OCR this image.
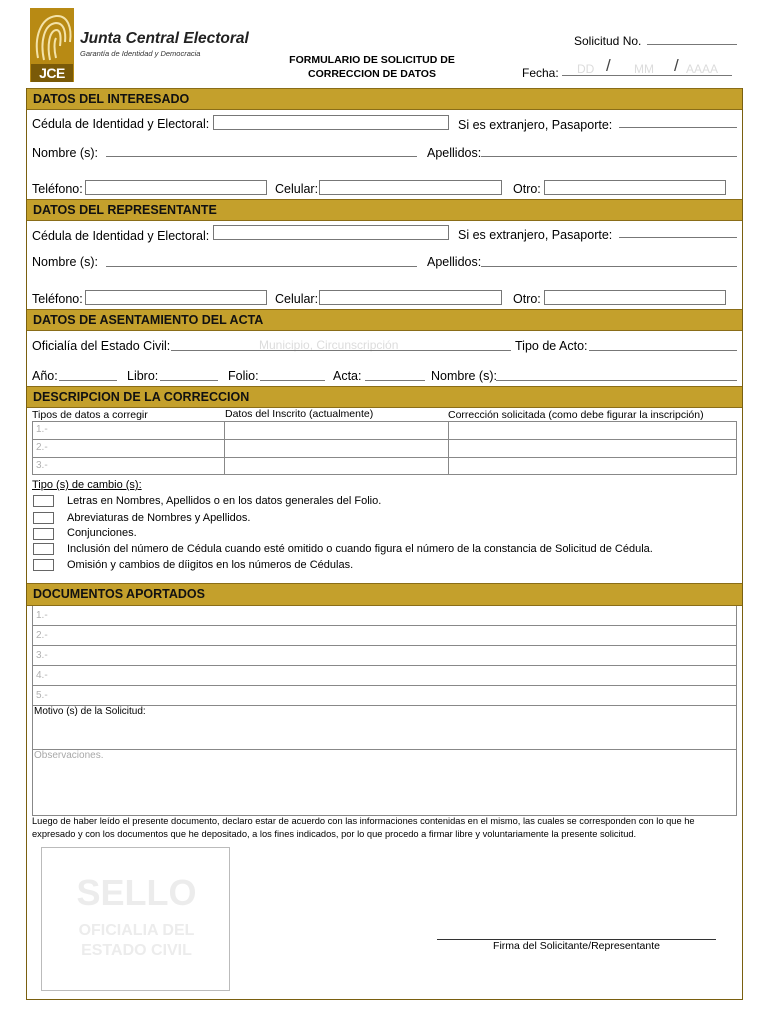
JCE
Junta Central Electoral
Garantía de Identidad y Democracia
FORMULARIO DE SOLICITUD DE
CORRECCION DE DATOS
Solicitud No.
Fecha: DD / MM / AAAA
DATOS DEL INTERESADO
Cédula de Identidad y Electoral:	Si es extranjero, Pasaporte:
Nombre (s):	Apellidos:
Teléfono:	Celular:	Otro:
DATOS DEL REPRESENTANTE
Cédula de Identidad y Electoral:	Si es extranjero, Pasaporte:
Nombre (s):	Apellidos:
Teléfono:	Celular:	Otro:
DATOS DE ASENTAMIENTO DEL ACTA
Oficialía del Estado Civil:	Municipio, Circunscripción	Tipo de Acto:
Año:	Libro:	Folio:	Acta:	Nombre (s):
DESCRIPCION DE LA CORRECCION
Tipos de datos a corregir	Datos del Inscrito (actualmente)	Corrección solicitada (como debe figurar la inscripción)
1.-
2.-
3.-
Tipo (s) de cambio (s):
Letras en Nombres, Apellidos o en los datos generales del Folio.
Abreviaturas de Nombres y Apellidos.
Conjunciones.
Inclusión del número de Cédula cuando esté omitido o cuando figura el número de la constancia de Solicitud de Cédula.
Omisión y cambios de díigitos en los números de Cédulas.
DOCUMENTOS APORTADOS
1.-
2.-
3.-
4.-
5.-
Motivo (s) de la Solicitud:
Observaciones.
Luego de haber leído el presente documento, declaro estar de acuerdo con las informaciones contenidas en el mismo, las cuales se corresponden con lo que he expresado y con los documentos que he depositado, a los fines indicados, por lo que procedo a firmar libre y voluntariamente la presente solicitud.
SELLO
OFICIALIA DEL
ESTADO CIVIL	Firma del Solicitante/Representante
